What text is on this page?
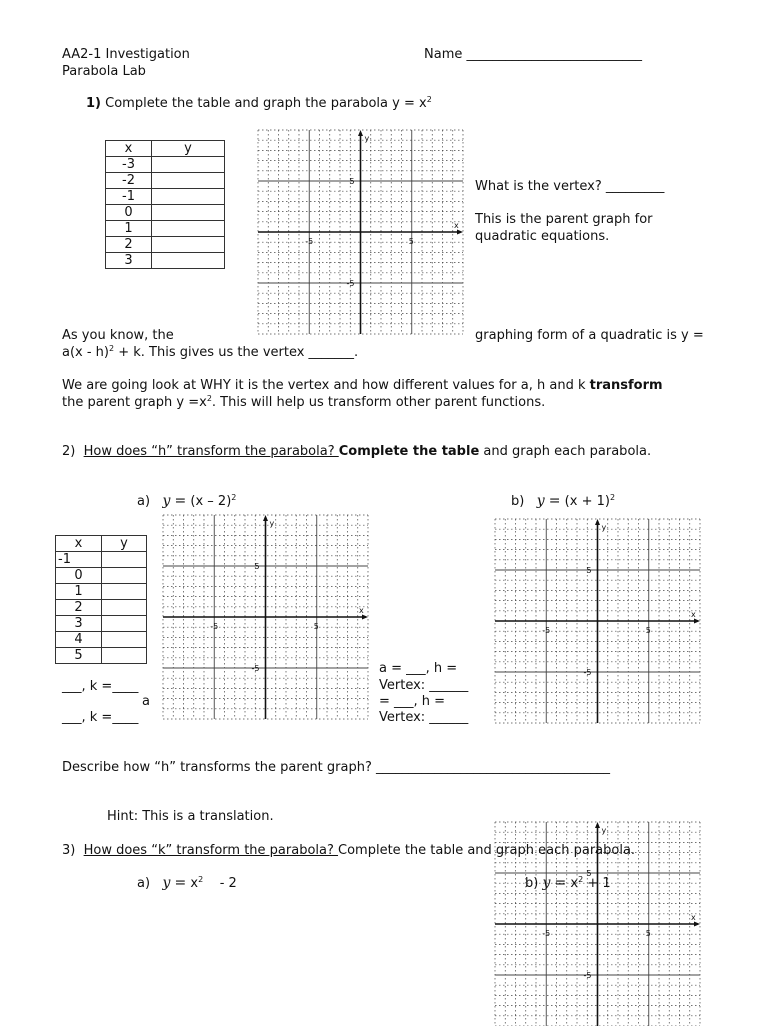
AA2-1 Investigation
Parabola Lab
Name ___________________________
1) Complete the table and graph the parabola $y = x^2$
x	y
-3	
-2	
-1	
0	
1	
2	
3	
y
x
-5	5
5
-5
What is the vertex? _________
This is the parent graph for
quadratic equations.
As you know, the	graphing form of a quadratic is y =
a(x - h)$^2$ + k. This gives us the vertex _______.
We are going look at WHY it is the vertex and how different values for a, h and k transform
the parent graph $y =x^2$. This will help us transform other parent functions.
2) How does “h” transform the parabola? Complete the table and graph each parabola.
a) y = (x – 2)$^2$	b) $y = (x + 1)^2$
x	y
-1	
0	
1	
2	
3	
4	
5	
y
x
-5	5
5
-5
y
x
-5	5
5
-5
___, k =____
a
___, k =____
a = ___, h =
Vertex: ______
= ___, h =
Vertex: ______
Describe how “h” transforms the parent graph? ____________________________________
Hint: This is a translation.
y
x
-5	5
5
-5
3) How does “k” transform the parabola? Complete the table and graph each parabola.
a) $y = x^2$    - 2	b) $y = x^2 + 1$
